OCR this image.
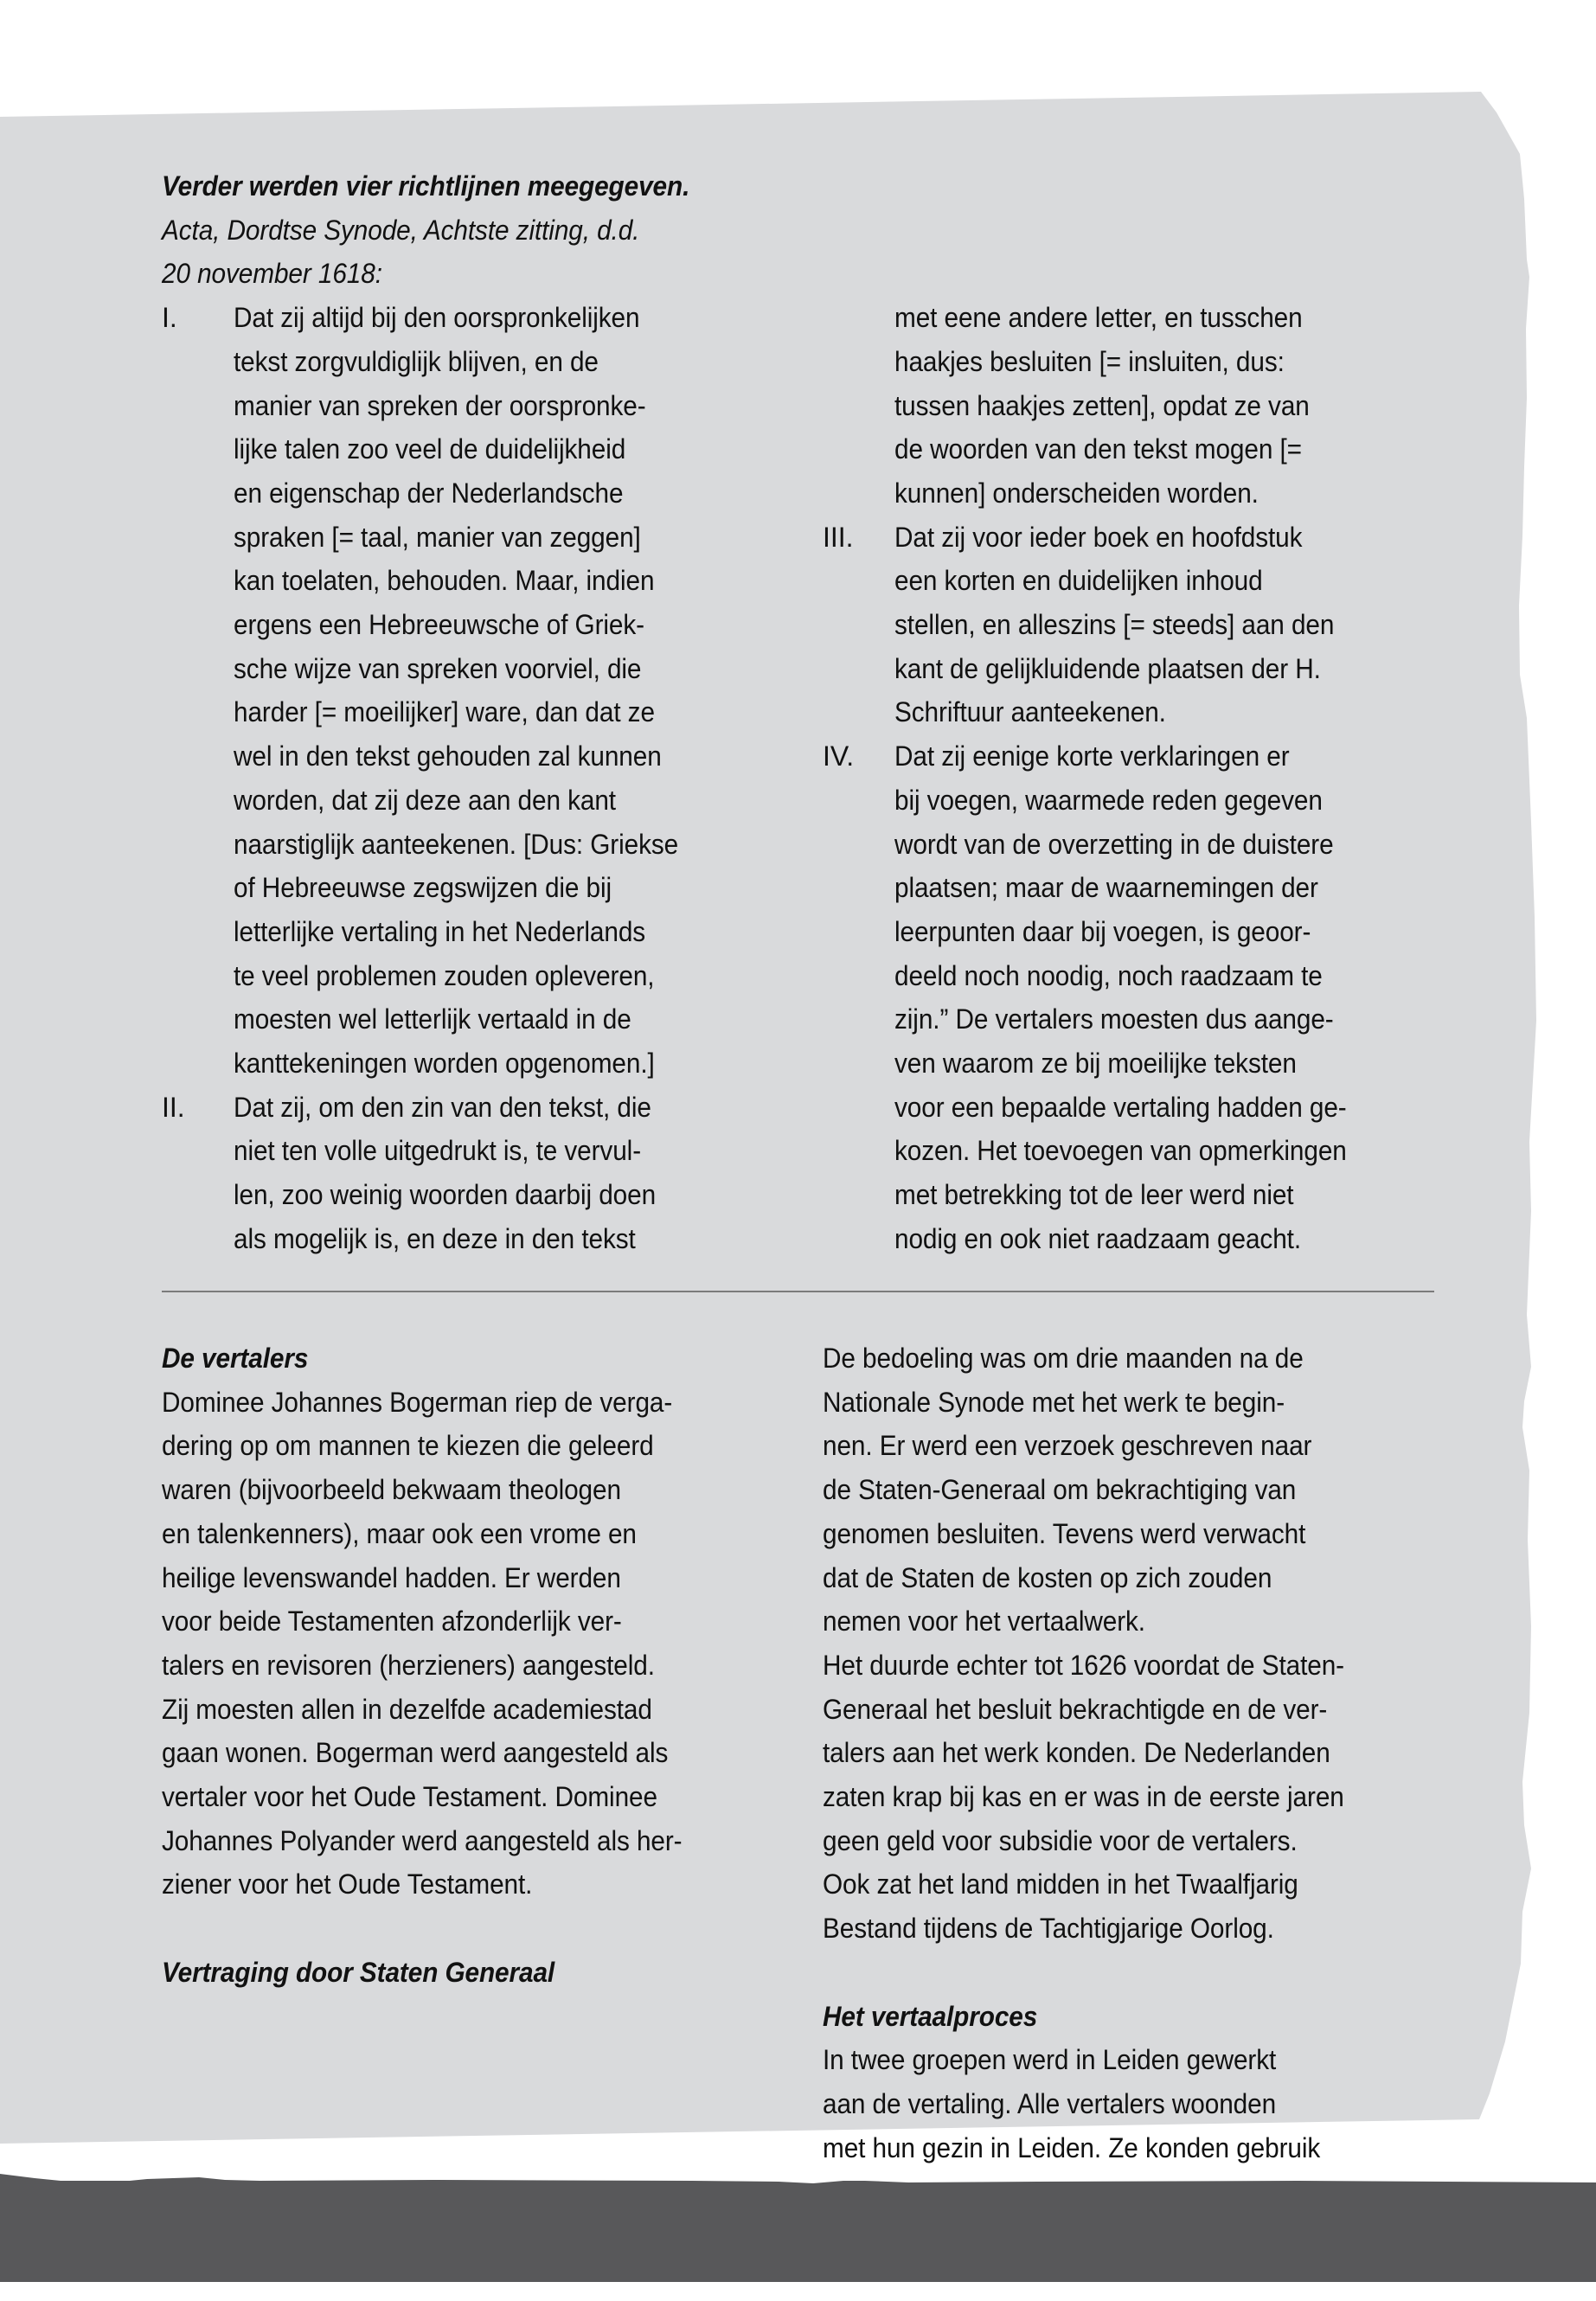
Verder werden vier richtlijnen meegegeven.
Acta, Dordtse Synode, Achtste zitting, d.d.
20 november 1618:
I. Dat zij altijd bij den oorspronkelijken
tekst zorgvuldiglijk blijven, en de
manier van spreken der oorspronke-
lijke talen zoo veel de duidelijkheid
en eigenschap der Nederlandsche
spraken [= taal, manier van zeggen]
kan toelaten, behouden. Maar, indien
ergens een Hebreeuwsche of Griek-
sche wijze van spreken voorviel, die
harder [= moeilijker] ware, dan dat ze
wel in den tekst gehouden zal kunnen
worden, dat zij deze aan den kant
naarstiglijk aanteekenen. [Dus: Griekse
of Hebreeuwse zegswijzen die bij
letterlijke vertaling in het Nederlands
te veel problemen zouden opleveren,
moesten wel letterlijk vertaald in de
kanttekeningen worden opgenomen.]
II. Dat zij, om den zin van den tekst, die
niet ten volle uitgedrukt is, te vervul-
len, zoo weinig woorden daarbij doen
als mogelijk is, en deze in den tekst
met eene andere letter, en tusschen
haakjes besluiten [= insluiten, dus:
tussen haakjes zetten], opdat ze van
de woorden van den tekst mogen [=
kunnen] onderscheiden worden.
III. Dat zij voor ieder boek en hoofdstuk
een korten en duidelijken inhoud
stellen, en alleszins [= steeds] aan den
kant de gelijkluidende plaatsen der H.
Schriftuur aanteekenen.
IV. Dat zij eenige korte verklaringen er
bij voegen, waarmede reden gegeven
wordt van de overzetting in de duistere
plaatsen; maar de waarnemingen der
leerpunten daar bij voegen, is geoor-
deeld noch noodig, noch raadzaam te
zijn.” De vertalers moesten dus aange-
ven waarom ze bij moeilijke teksten
voor een bepaalde vertaling hadden ge-
kozen. Het toevoegen van opmerkingen
met betrekking tot de leer werd niet
nodig en ook niet raadzaam geacht.
De vertalers
Dominee Johannes Bogerman riep de verga-
dering op om mannen te kiezen die geleerd
waren (bijvoorbeeld bekwaam theologen
en talenkenners), maar ook een vrome en
heilige levenswandel hadden. Er werden
voor beide Testamenten afzonderlijk ver-
talers en revisoren (herzieners) aangesteld.
Zij moesten allen in dezelfde academiestad
gaan wonen. Bogerman werd aangesteld als
vertaler voor het Oude Testament. Dominee
Johannes Polyander werd aangesteld als her-
ziener voor het Oude Testament.
Vertraging door Staten Generaal
De bedoeling was om drie maanden na de
Nationale Synode met het werk te begin-
nen. Er werd een verzoek geschreven naar
de Staten-Generaal om bekrachtiging van
genomen besluiten. Tevens werd verwacht
dat de Staten de kosten op zich zouden
nemen voor het vertaalwerk.
Het duurde echter tot 1626 voordat de Staten-
Generaal het besluit bekrachtigde en de ver-
talers aan het werk konden. De Nederlanden
zaten krap bij kas en er was in de eerste jaren
geen geld voor subsidie voor de vertalers.
Ook zat het land midden in het Twaalfjarig
Bestand tijdens de Tachtigjarige Oorlog.
Het vertaalproces
In twee groepen werd in Leiden gewerkt
aan de vertaling. Alle vertalers woonden
met hun gezin in Leiden. Ze konden gebruik
